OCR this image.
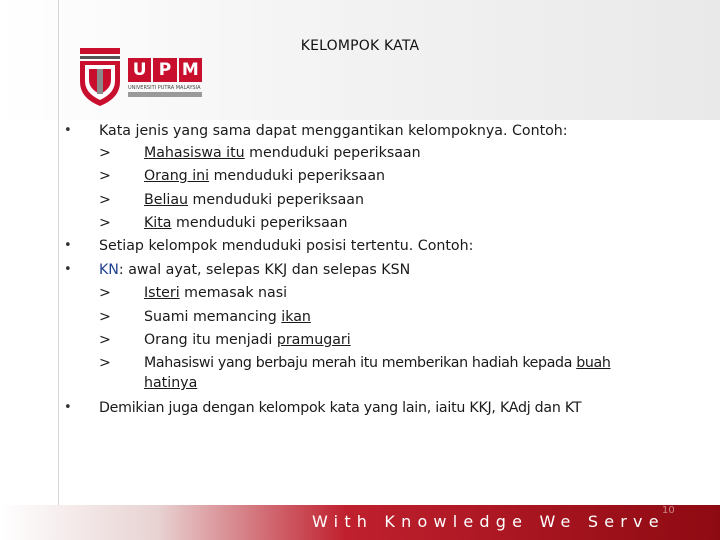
U P M
UNIVERSITI PUTRA MALAYSIA
KELOMPOK KATA
• Kata jenis yang sama dapat menggantikan kelompoknya. Contoh:
> Mahasiswa itu menduduki peperiksaan
> Orang ini menduduki peperiksaan
> Beliau menduduki peperiksaan
> Kita menduduki peperiksaan
• Setiap kelompok menduduki posisi tertentu. Contoh:
• KN: awal ayat, selepas KKJ dan selepas KSN
> Isteri memasak nasi
> Suami memancing ikan
> Orang itu menjadi pramugari
> Mahasiswi yang berbaju merah itu memberikan hadiah kepada buah
hatinya
• Demikian juga dengan kelompok kata yang lain, iaitu KKJ, KAdj dan KT
With Knowledge We Serve
10
